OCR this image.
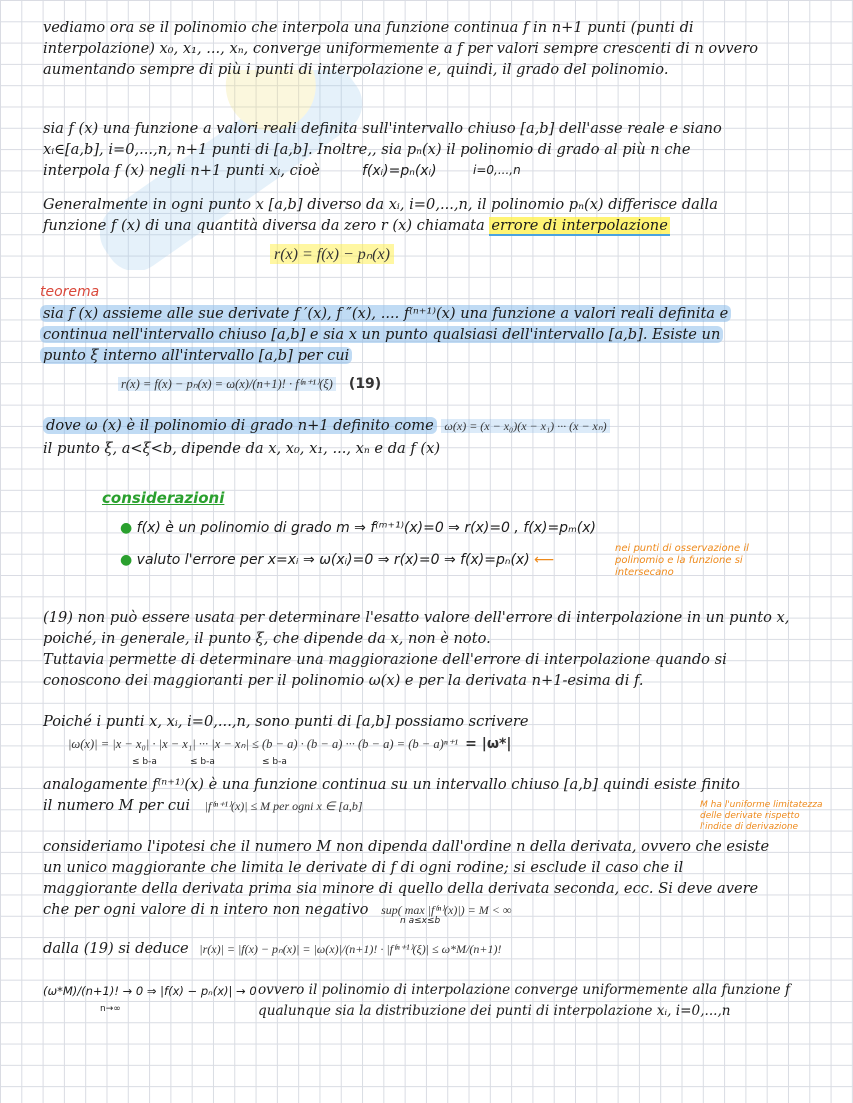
vediamo ora se il polinomio che interpola una funzione continua f in n+1 punti (punti di
interpolazione) x₀, x₁, ..., xₙ, converge uniformemente a f per valori sempre crescenti di n ovvero
aumentando sempre di più i punti di interpolazione e, quindi, il grado del polinomio.
sia f (x) una funzione a valori reali definita sull'intervallo chiuso [a,b] dell'asse reale e siano
xᵢ∈[a,b], i=0,...,n, n+1 punti di [a,b]. Inoltre,, sia pₙ(x) il polinomio di grado al più n che
interpola f (x) negli n+1 punti xᵢ, cioè	f(xᵢ)=pₙ(xᵢ)	i=0,...,n
Generalmente in ogni punto x [a,b] diverso da xᵢ, i=0,...,n, il polinomio pₙ(x) differisce dalla
funzione f (x) di una quantità diversa da zero r (x) chiamata errore di interpolazione
r(x) = f(x) − pₙ(x)
teorema
sia f (x) assieme alle sue derivate f ′(x), f ″(x), .... f⁽ⁿ⁺¹⁾(x) una funzione a valori reali definita e
continua nell'intervallo chiuso [a,b] e sia x un punto qualsiasi dell'intervallo [a,b]. Esiste un
punto ξ interno all'intervallo [a,b] per cui
r(x) = f(x) − pₙ(x) = ω(x)/(n+1)! · f⁽ⁿ⁺¹⁾(ξ) (19)
dove ω (x) è il polinomio di grado n+1 definito come ω(x) = (x − x₀)(x − x₁) ··· (x − xₙ)
il punto ξ, a<ξ<b, dipende da x, x₀, x₁, ..., xₙ e da f (x)
considerazioni
● f(x) è un polinomio di grado m ⇒ f⁽ᵐ⁺¹⁾(x)=0 ⇒ r(x)=0 , f(x)=pₘ(x)
● valuto l'errore per x=xᵢ ⇒ ω(xᵢ)=0 ⇒ r(x)=0 ⇒ f(x)=pₙ(x) ⟵
nei punti di osservazione il
polinomio e la funzione si
intersecano
(19) non può essere usata per determinare l'esatto valore dell'errore di interpolazione in un punto x,
poiché, in generale, il punto ξ, che dipende da x, non è noto.
Tuttavia permette di determinare una maggiorazione dell'errore di interpolazione quando si
conoscono dei maggioranti per il polinomio ω(x) e per la derivata n+1-esima di f.
Poiché i punti x, xᵢ, i=0,...,n, sono punti di [a,b] possiamo scrivere
|ω(x)| = |x − x₀| · |x − x₁| ··· |x − xₙ| ≤ (b − a) · (b − a) ··· (b − a) = (b − a)ⁿ⁺¹ = |ω*|
≤ b-a	≤ b-a	≤ b-a
analogamente f⁽ⁿ⁺¹⁾(x) è una funzione continua su un intervallo chiuso [a,b] quindi esiste finito
il numero M per cui |f⁽ⁿ⁺¹⁾(x)| ≤ M per ogni x ∈ [a,b]	M ha l'uniforme limitatezza
delle derivate rispetto
l'indice di derivazione
consideriamo l'ipotesi che il numero M non dipenda dall'ordine n della derivata, ovvero che esiste
un unico maggiorante che limita le derivate di f di ogni rodine; si esclude il caso che il
maggiorante della derivata prima sia minore di quello della derivata seconda, ecc. Si deve avere
che per ogni valore di n intero non negativo sup( max |f⁽ⁿ⁾(x)|) = M < ∞
n a≤x≤b
dalla (19) si deduce |r(x)| = |f(x) − pₙ(x)| = |ω(x)|/(n+1)! · |f⁽ⁿ⁺¹⁾(ξ)| ≤ ω*M/(n+1)!
(ω*M)/(n+1)! → 0 ⇒ |f(x) − pₙ(x)| → 0
n→∞
ovvero il polinomio di interpolazione converge uniformemente alla funzione f
qualunque sia la distribuzione dei punti di interpolazione xᵢ, i=0,...,n
